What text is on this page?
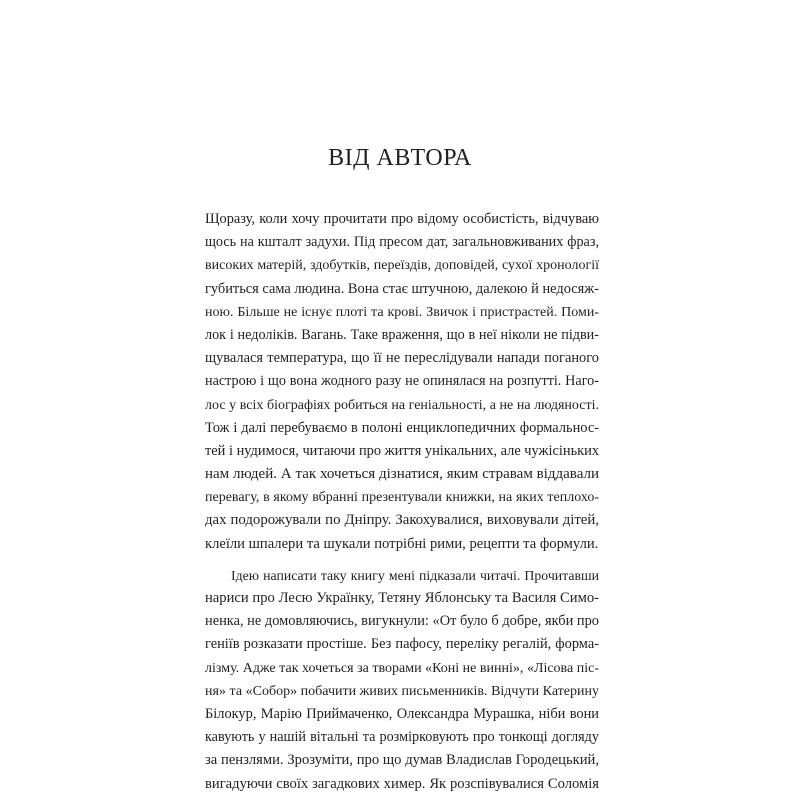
ВІД АВТОРА
Щоразу, коли хочу прочитати про відому особистість, відчуваю
щось на кшталт задухи. Під пресом дат, загальновживаних фраз,
високих матерій, здобутків, переїздів, доповідей, сухої хронології
губиться сама людина. Вона стає штучною, далекою й недосяж-
ною. Більше не існує плоті та крові. Звичок і пристрастей. Поми-
лок і недоліків. Вагань. Таке враження, що в неї ніколи не підви-
щувалася температура, що її не переслідували напади поганого
настрою і що вона жодного разу не опинялася на розпутті. Наго-
лос у всіх біографіях робиться на геніальності, а не на людяності.
Тож і далі перебуваємо в полоні енциклопедичних формальнос-
тей і нудимося, читаючи про життя унікальних, але чужісіньких
нам людей. А так хочеться дізнатися, яким стравам віддавали
перевагу, в якому вбранні презентували книжки, на яких теплохо-
дах подорожували по Дніпру. Закохувалися, виховували дітей,
клеїли шпалери та шукали потрібні рими, рецепти та формули.
Ідею написати таку книгу мені підказали читачі. Прочитавши
нариси про Лесю Українку, Тетяну Яблонську та Василя Симо-
ненка, не домовляючись, вигукнули: «От було б добре, якби про
геніїв розказати простіше. Без пафосу, переліку регалій, форма-
лізму. Адже так хочеться за творами «Коні не винні», «Лісова піс-
ня» та «Собор» побачити живих письменників. Відчути Катерину
Білокур, Марію Приймаченко, Олександра Мурашка, ніби вони
кавують у нашій вітальні та розмірковують про тонкощі догляду
за пензлями. Зрозуміти, про що думав Владислав Городецький,
вигадуючи своїх загадкових химер. Як розспівувалися Соломія
